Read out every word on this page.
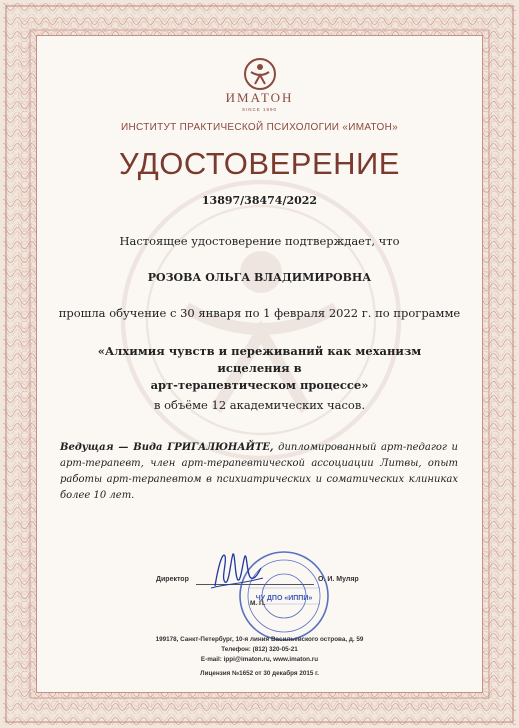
ИМАТОН
SINCE 1990
ИНСТИТУТ ПРАКТИЧЕСКОЙ ПСИХОЛОГИИ «ИМАТОН»
УДОСТОВЕРЕНИЕ
13897/38474/2022
Настоящее удостоверение подтверждает, что
РОЗОВА ОЛЬГА ВЛАДИМИРОВНА
прошла обучение с 30 января по 1 февраля 2022 г. по программе
«Алхимия чувств и переживаний как механизм исцеления в
арт-терапевтическом процессе»
в объёме 12 академических часов.
Ведущая — Вида ГРИГАЛЮНАЙТЕ, дипломированный арт-педагог и арт-терапевт, член арт-терапевтической ассоциации Литвы, опыт работы арт-терапевтом в психиатрических и соматических клиниках более 10 лет.
Директор	О. И. Муляр
ЧУ ДПО «ИППИ»
М. П.
199178, Санкт-Петербург, 10-я линия Васильевского острова, д. 59
Телефон: (812) 320-05-21
E-mail: ippi@imaton.ru, www.imaton.ru
Лицензия №1652 от 30 декабря 2015 г.
